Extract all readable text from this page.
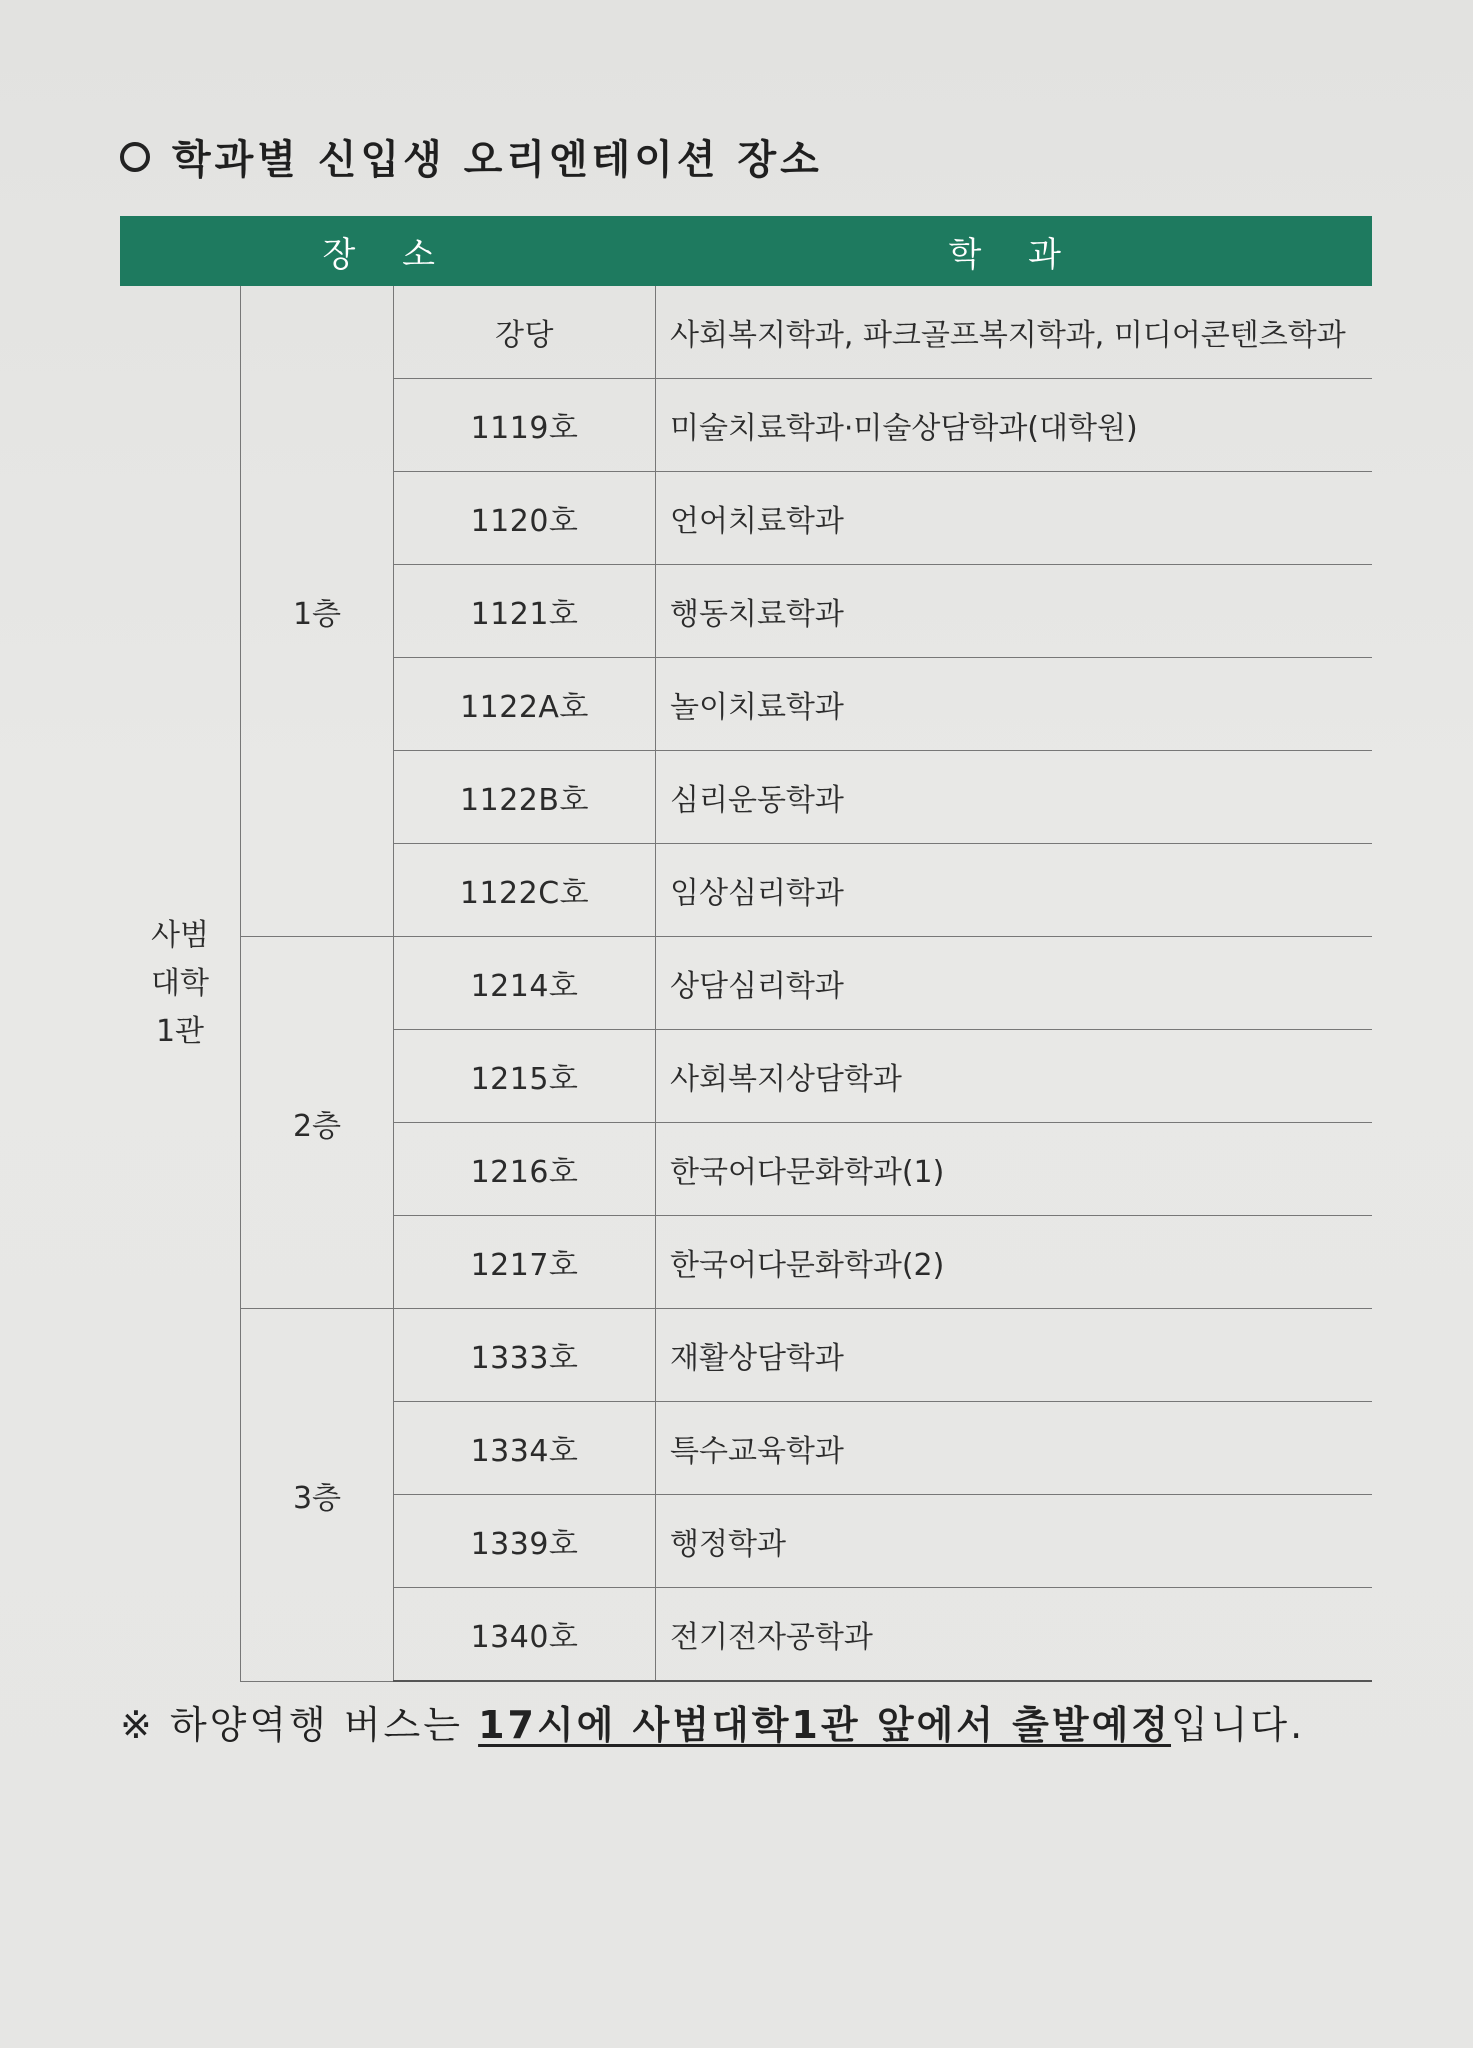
학과별 신입생 오리엔테이션 장소
장 소			학 과

사범
대학
1관	1층	강당	사회복지학과, 파크골프복지학과, 미디어콘텐츠학과
		1119호	미술치료학과·미술상담학과(대학원)
		1120호	언어치료학과
		1121호	행동치료학과
		1122A호	놀이치료학과
		1122B호	심리운동학과
		1122C호	임상심리학과
	2층	1214호	상담심리학과
		1215호	사회복지상담학과
		1216호	한국어다문화학과(1)
		1217호	한국어다문화학과(2)
	3층	1333호	재활상담학과
		1334호	특수교육학과
		1339호	행정학과
		1340호	전기전자공학과
※ 하양역행 버스는 17시에 사범대학1관 앞에서 출발예정입니다.
